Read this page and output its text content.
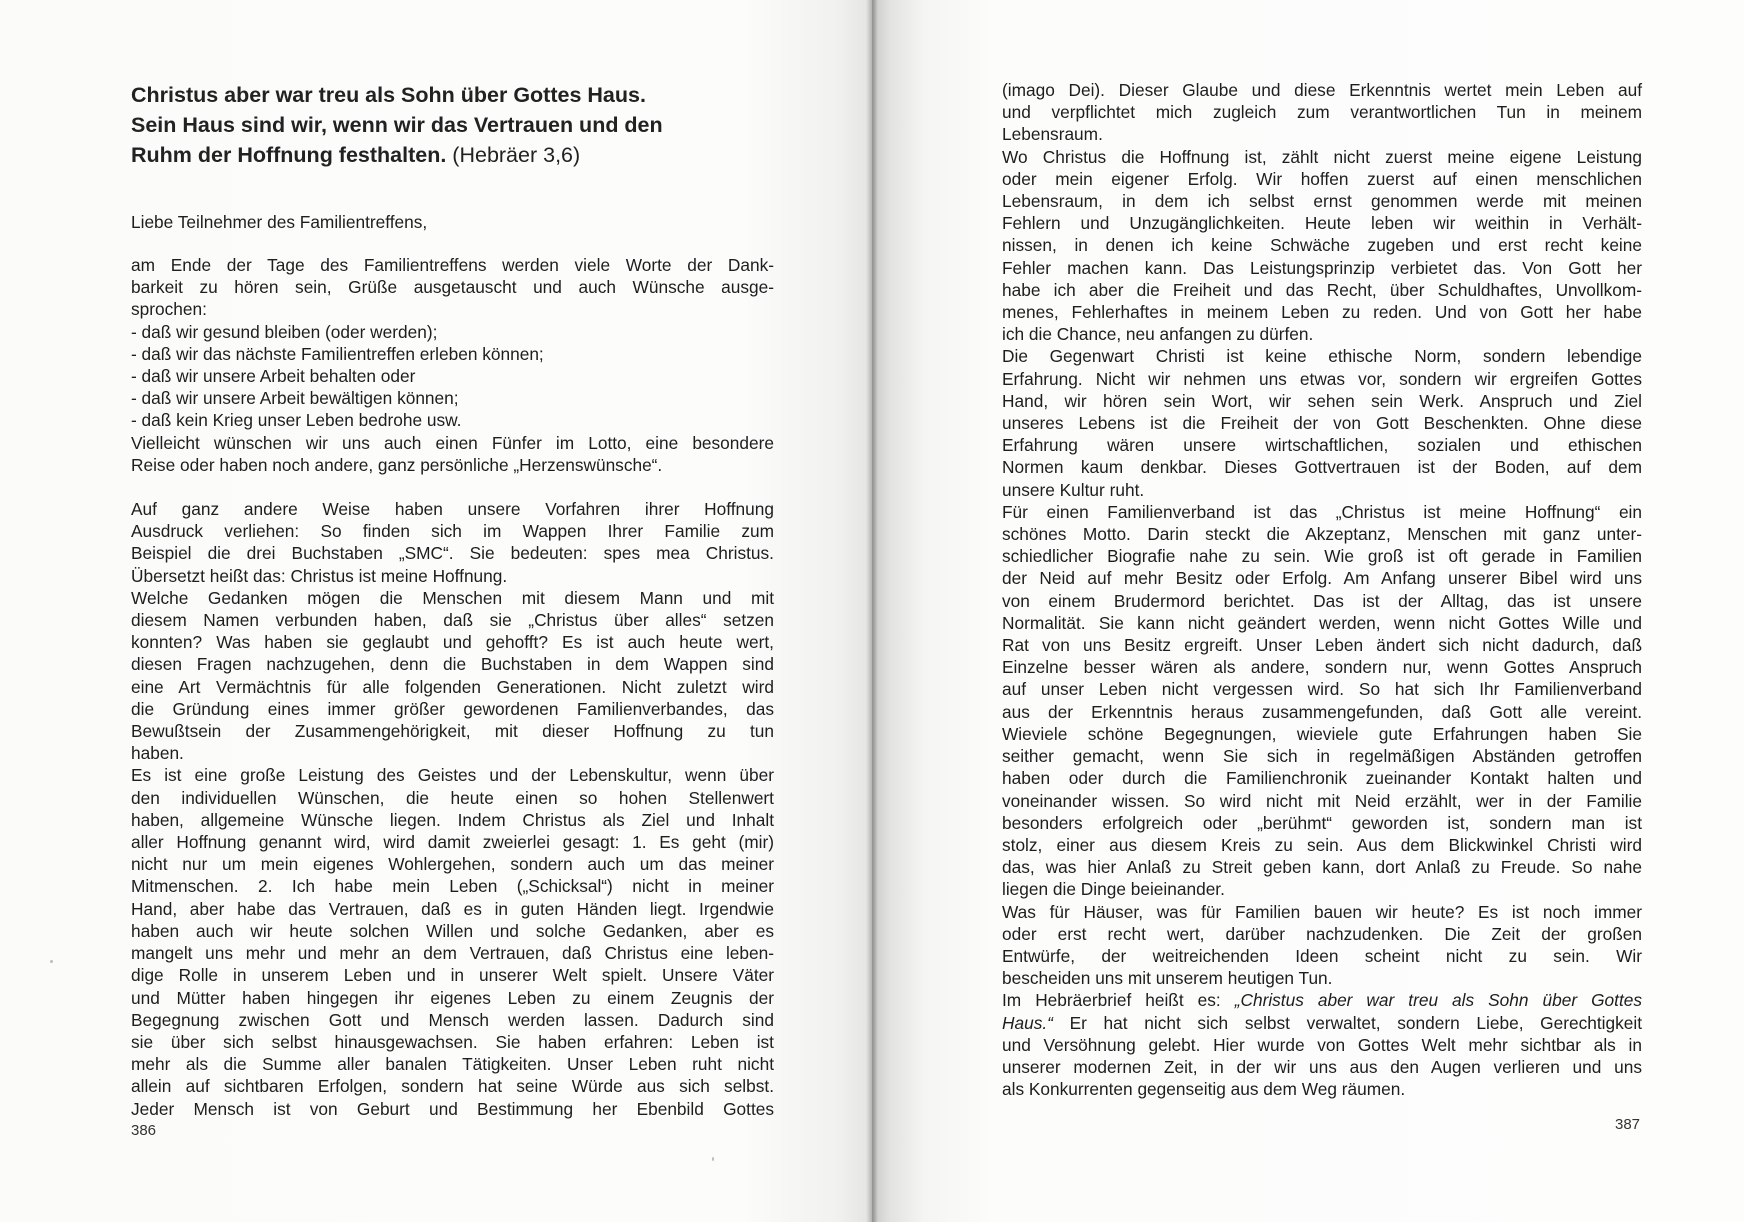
Christus aber war treu als Sohn über Gottes Haus.
Sein Haus sind wir, wenn wir das Vertrauen und den
Ruhm der Hoffnung festhalten. (Hebräer 3,6)

Liebe Teilnehmer des Familientreffens,

am Ende der Tage des Familientreffens werden viele Worte der Dank-
barkeit zu hören sein, Grüße ausgetauscht und auch Wünsche ausge-
sprochen:
- daß wir gesund bleiben (oder werden);
- daß wir das nächste Familientreffen erleben können;
- daß wir unsere Arbeit behalten oder
- daß wir unsere Arbeit bewältigen können;
- daß kein Krieg unser Leben bedrohe usw.
Vielleicht wünschen wir uns auch einen Fünfer im Lotto, eine besondere
Reise oder haben noch andere, ganz persönliche „Herzenswünsche“.
Auf ganz andere Weise haben unsere Vorfahren ihrer Hoffnung
Ausdruck verliehen: So finden sich im Wappen Ihrer Familie zum
Beispiel die drei Buchstaben „SMC“. Sie bedeuten: spes mea Christus.
Übersetzt heißt das: Christus ist meine Hoffnung.
Welche Gedanken mögen die Menschen mit diesem Mann und mit
diesem Namen verbunden haben, daß sie „Christus über alles“ setzen
konnten? Was haben sie geglaubt und gehofft? Es ist auch heute wert,
diesen Fragen nachzugehen, denn die Buchstaben in dem Wappen sind
eine Art Vermächtnis für alle folgenden Generationen. Nicht zuletzt wird
die Gründung eines immer größer gewordenen Familienverbandes, das
Bewußtsein der Zusammengehörigkeit, mit dieser Hoffnung zu tun
haben.
Es ist eine große Leistung des Geistes und der Lebenskultur, wenn über
den individuellen Wünschen, die heute einen so hohen Stellenwert
haben, allgemeine Wünsche liegen. Indem Christus als Ziel und Inhalt
aller Hoffnung genannt wird, wird damit zweierlei gesagt: 1. Es geht (mir)
nicht nur um mein eigenes Wohlergehen, sondern auch um das meiner
Mitmenschen. 2. Ich habe mein Leben („Schicksal“) nicht in meiner
Hand, aber habe das Vertrauen, daß es in guten Händen liegt. Irgendwie
haben auch wir heute solchen Willen und solche Gedanken, aber es
mangelt uns mehr und mehr an dem Vertrauen, daß Christus eine leben-
dige Rolle in unserem Leben und in unserer Welt spielt. Unsere Väter
und Mütter haben hingegen ihr eigenes Leben zu einem Zeugnis der
Begegnung zwischen Gott und Mensch werden lassen. Dadurch sind
sie über sich selbst hinausgewachsen. Sie haben erfahren: Leben ist
mehr als die Summe aller banalen Tätigkeiten. Unser Leben ruht nicht
allein auf sichtbaren Erfolgen, sondern hat seine Würde aus sich selbst.
Jeder Mensch ist von Geburt und Bestimmung her Ebenbild Gottes
386
(imago Dei). Dieser Glaube und diese Erkenntnis wertet mein Leben auf
und verpflichtet mich zugleich zum verantwortlichen Tun in meinem
Lebensraum.
Wo Christus die Hoffnung ist, zählt nicht zuerst meine eigene Leistung
oder mein eigener Erfolg. Wir hoffen zuerst auf einen menschlichen
Lebensraum, in dem ich selbst ernst genommen werde mit meinen
Fehlern und Unzugänglichkeiten. Heute leben wir weithin in Verhält-
nissen, in denen ich keine Schwäche zugeben und erst recht keine
Fehler machen kann. Das Leistungsprinzip verbietet das. Von Gott her
habe ich aber die Freiheit und das Recht, über Schuldhaftes, Unvollkom-
menes, Fehlerhaftes in meinem Leben zu reden. Und von Gott her habe
ich die Chance, neu anfangen zu dürfen.
Die Gegenwart Christi ist keine ethische Norm, sondern lebendige
Erfahrung. Nicht wir nehmen uns etwas vor, sondern wir ergreifen Gottes
Hand, wir hören sein Wort, wir sehen sein Werk. Anspruch und Ziel
unseres Lebens ist die Freiheit der von Gott Beschenkten. Ohne diese
Erfahrung wären unsere wirtschaftlichen, sozialen und ethischen
Normen kaum denkbar. Dieses Gottvertrauen ist der Boden, auf dem
unsere Kultur ruht.
Für einen Familienverband ist das „Christus ist meine Hoffnung“ ein
schönes Motto. Darin steckt die Akzeptanz, Menschen mit ganz unter-
schiedlicher Biografie nahe zu sein. Wie groß ist oft gerade in Familien
der Neid auf mehr Besitz oder Erfolg. Am Anfang unserer Bibel wird uns
von einem Brudermord berichtet. Das ist der Alltag, das ist unsere
Normalität. Sie kann nicht geändert werden, wenn nicht Gottes Wille und
Rat von uns Besitz ergreift. Unser Leben ändert sich nicht dadurch, daß
Einzelne besser wären als andere, sondern nur, wenn Gottes Anspruch
auf unser Leben nicht vergessen wird. So hat sich Ihr Familienverband
aus der Erkenntnis heraus zusammengefunden, daß Gott alle vereint.
Wieviele schöne Begegnungen, wieviele gute Erfahrungen haben Sie
seither gemacht, wenn Sie sich in regelmäßigen Abständen getroffen
haben oder durch die Familienchronik zueinander Kontakt halten und
voneinander wissen. So wird nicht mit Neid erzählt, wer in der Familie
besonders erfolgreich oder „berühmt“ geworden ist, sondern man ist
stolz, einer aus diesem Kreis zu sein. Aus dem Blickwinkel Christi wird
das, was hier Anlaß zu Streit geben kann, dort Anlaß zu Freude. So nahe
liegen die Dinge beieinander.
Was für Häuser, was für Familien bauen wir heute? Es ist noch immer
oder erst recht wert, darüber nachzudenken. Die Zeit der großen
Entwürfe, der weitreichenden Ideen scheint nicht zu sein. Wir
bescheiden uns mit unserem heutigen Tun.
Im Hebräerbrief heißt es: „Christus aber war treu als Sohn über Gottes
Haus.“ Er hat nicht sich selbst verwaltet, sondern Liebe, Gerechtigkeit
und Versöhnung gelebt. Hier wurde von Gottes Welt mehr sichtbar als in
unserer modernen Zeit, in der wir uns aus den Augen verlieren und uns
als Konkurrenten gegenseitig aus dem Weg räumen.
387
